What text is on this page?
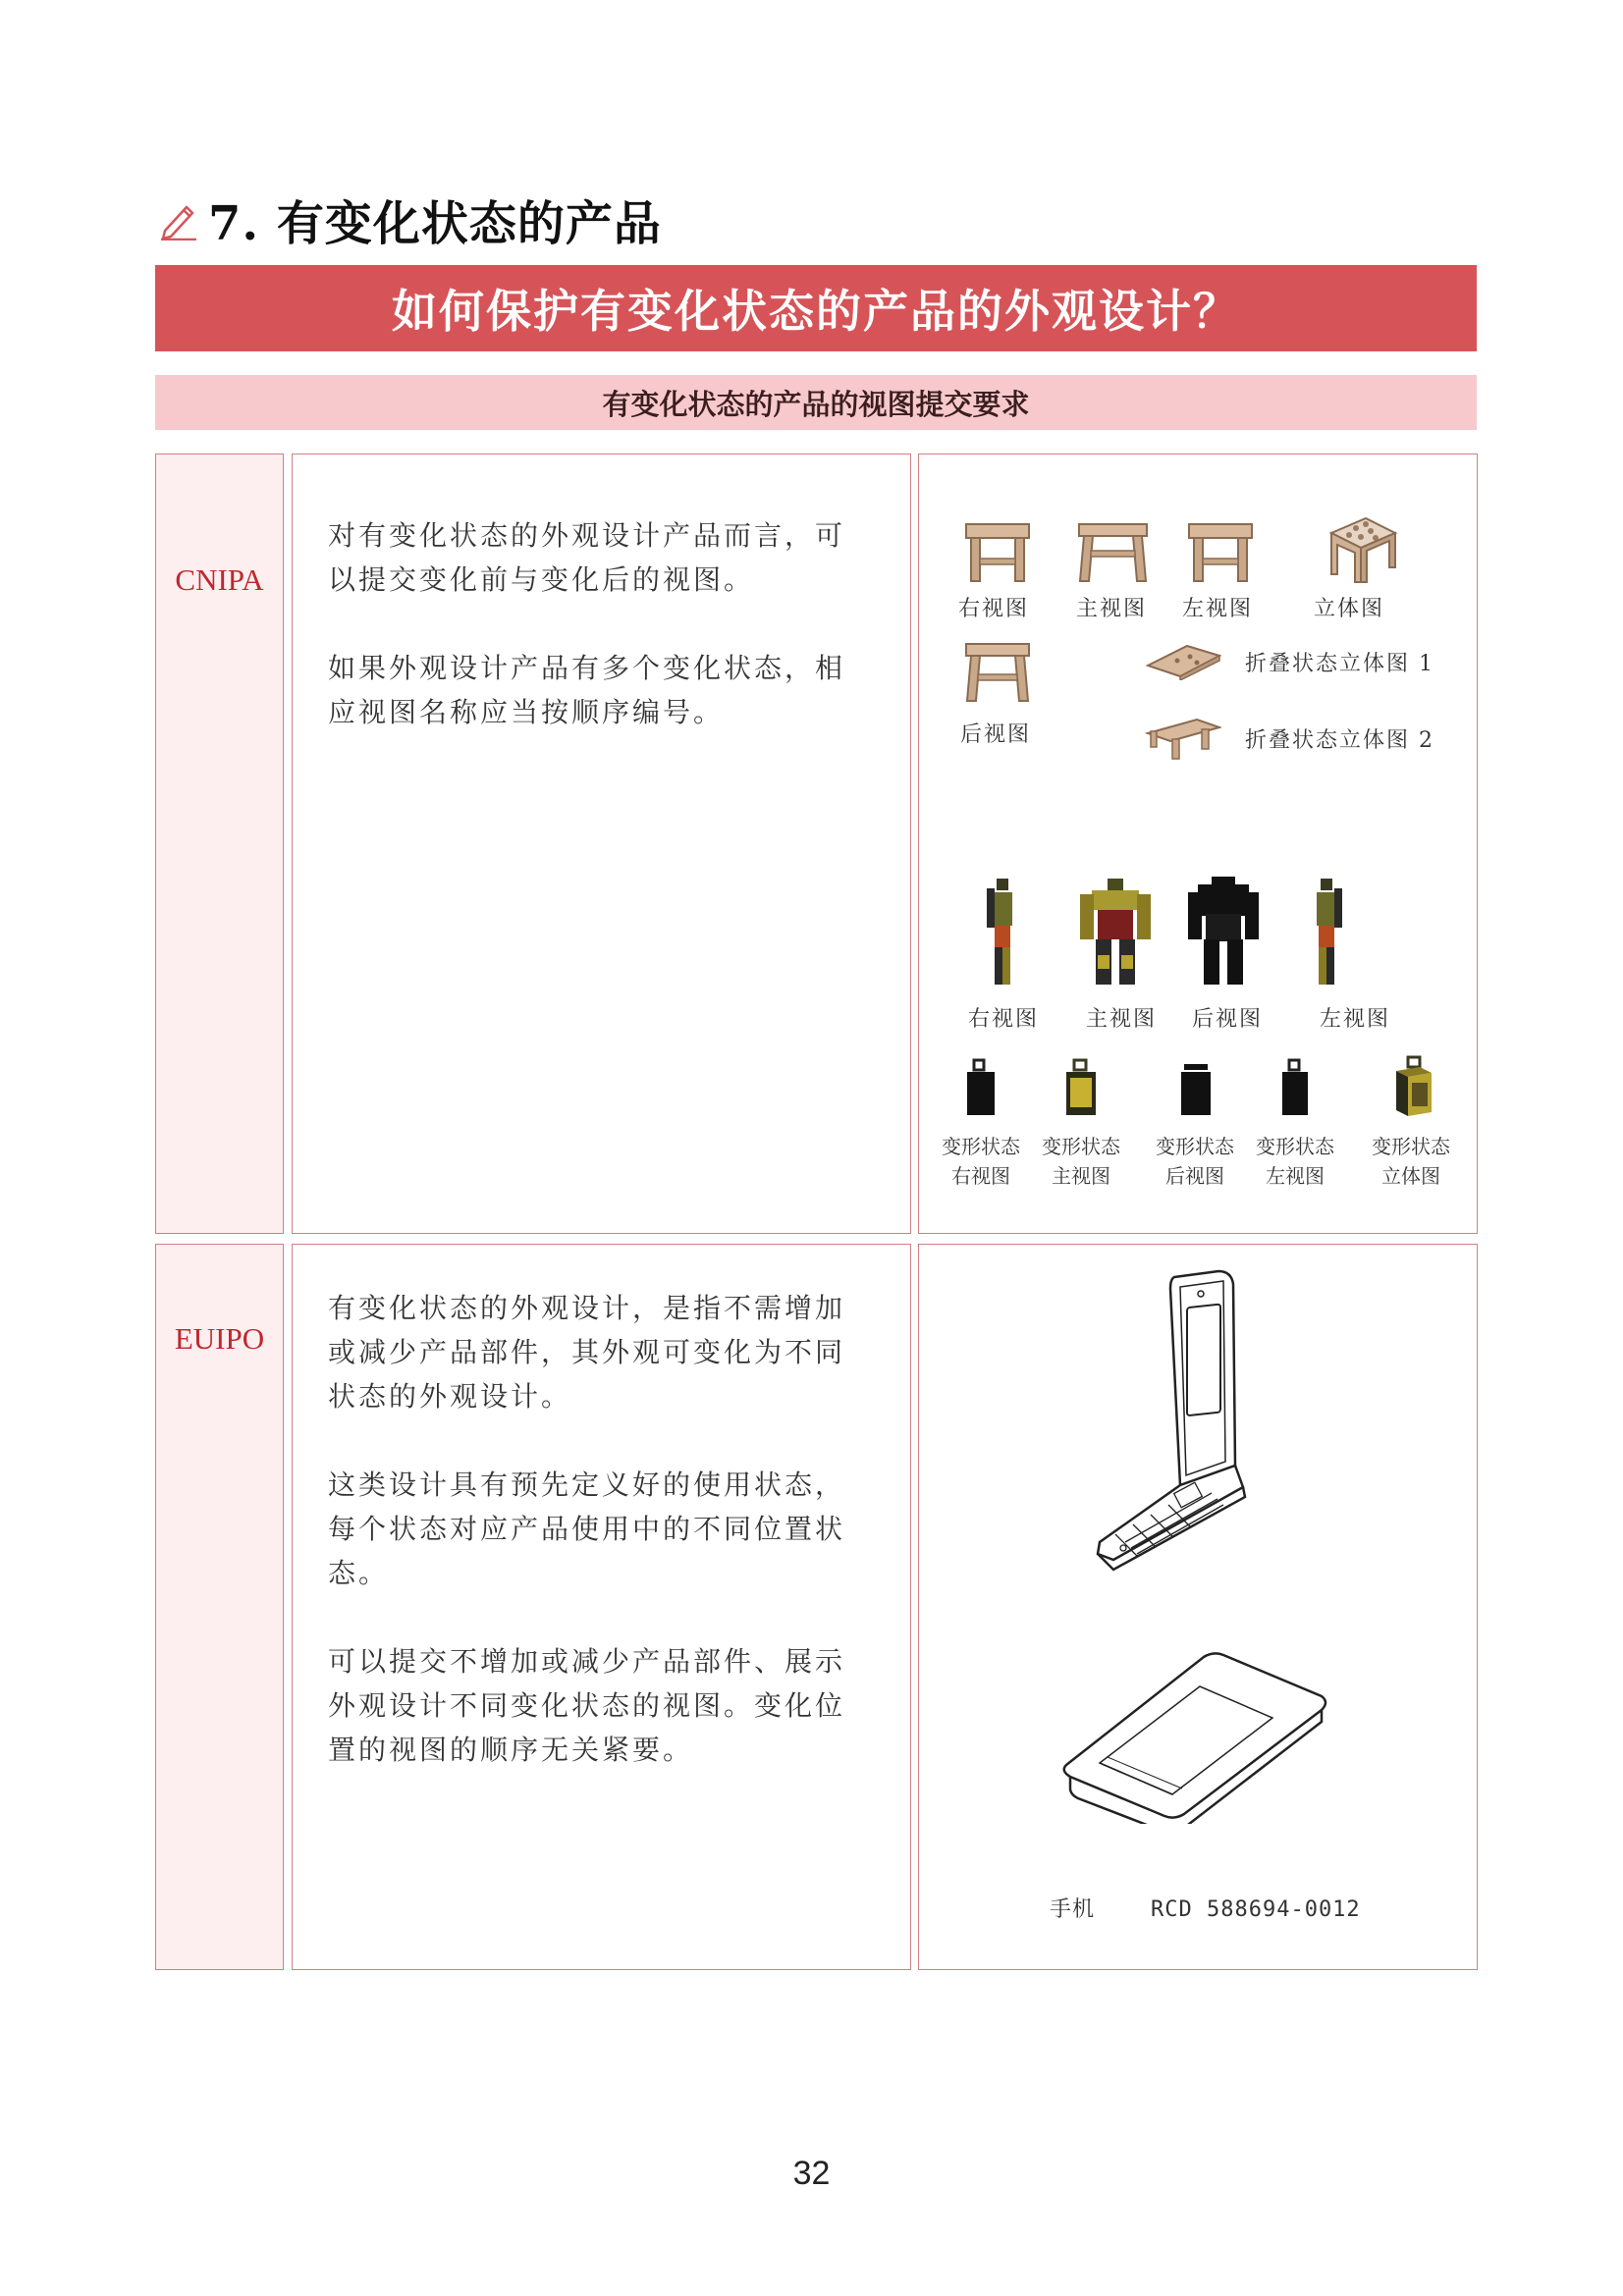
7. 有变化状态的产品
如何保护有变化状态的产品的外观设计？
有变化状态的产品的视图提交要求
CNIPA

对有变化状态的外观设计产品而言，可以提交变化前与变化后的视图。

如果外观设计产品有多个变化状态，相应视图名称应当按顺序编号。

右视图 主视图 左视图	立体图
后视图
折叠状态立体图 1
折叠状态立体图 2
右视图 主视图 后视图	左视图
变形状态
右视图
变形状态
主视图
变形状态
后视图
变形状态
左视图
变形状态
立体图
EUIPO

有变化状态的外观设计，是指不需增加或减少产品部件，其外观可变化为不同状态的外观设计。

这类设计具有预先定义好的使用状态，每个状态对应产品使用中的不同位置状态。

可以提交不增加或减少产品部件、展示外观设计不同变化状态的视图。变化位置的视图的顺序无关紧要。

手机	RCD 588694-0012
32
